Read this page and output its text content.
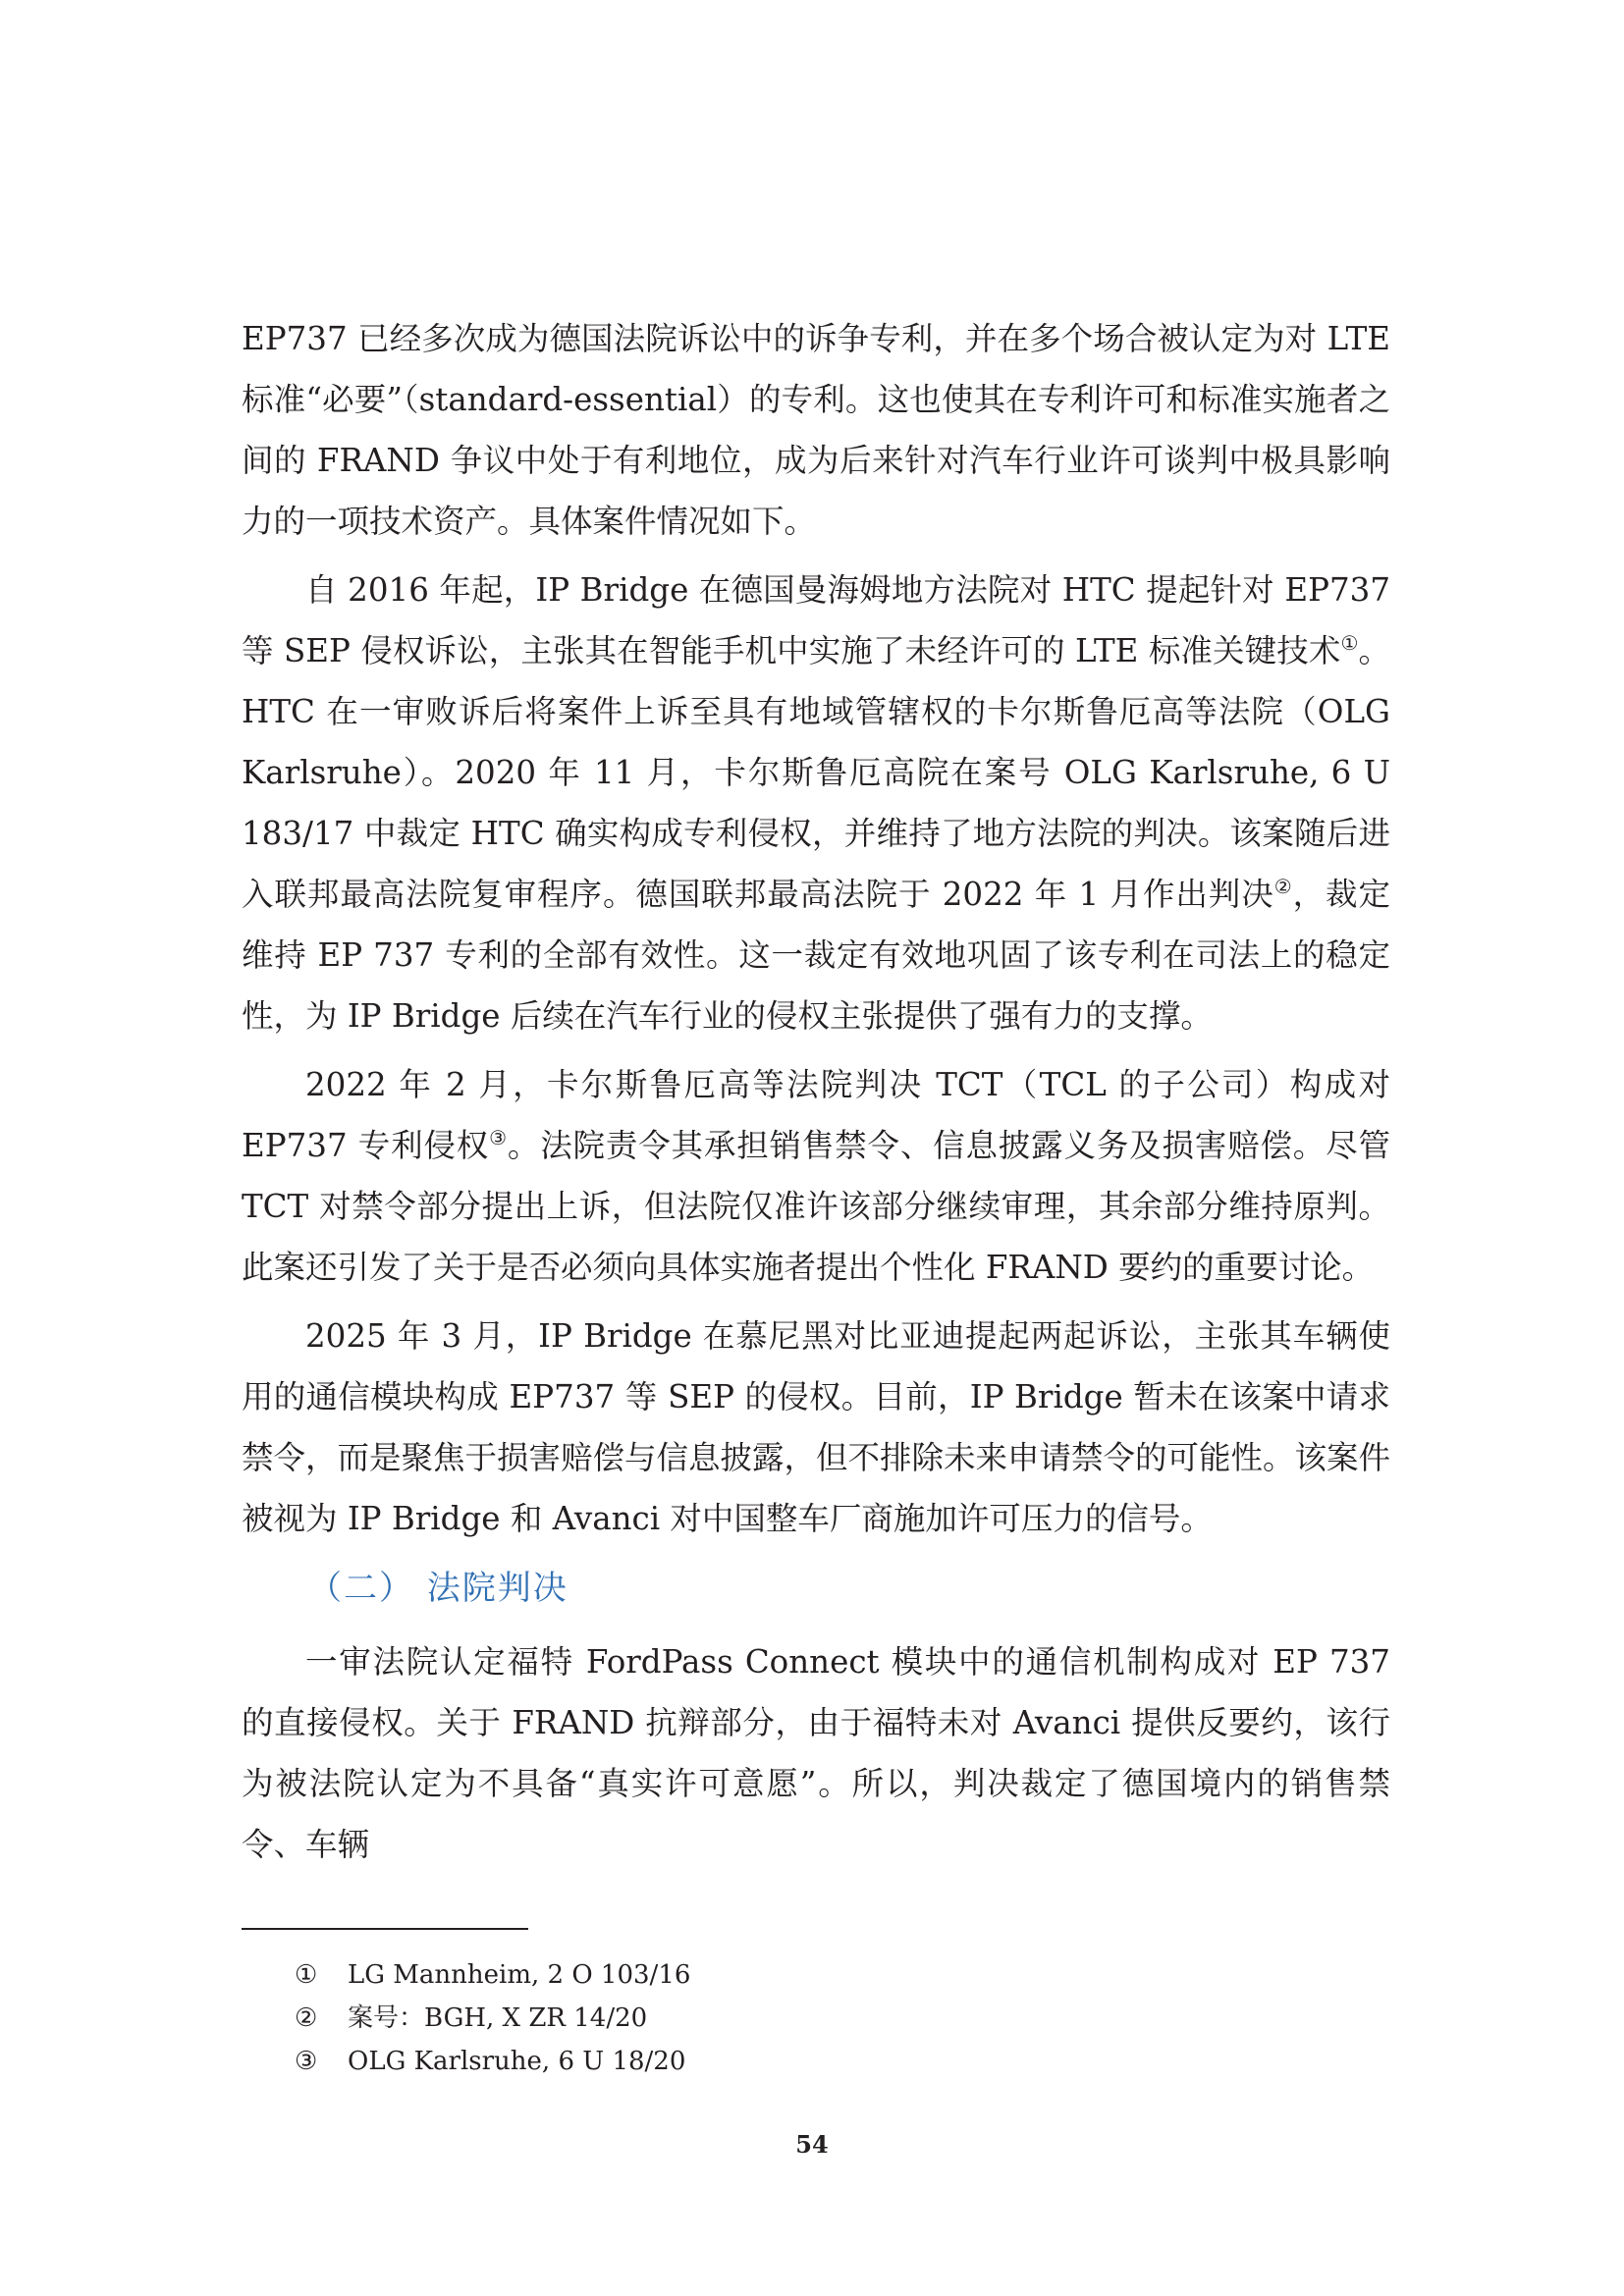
EP737 已经多次成为德国法院诉讼中的诉争专利，并在多个场合被认定为对 LTE 标准“必要”（standard-essential）的专利。这也使其在专利许可和标准实施者之间的 FRAND 争议中处于有利地位，成为后来针对汽车行业许可谈判中极具影响力的一项技术资产。具体案件情况如下。

自 2016 年起，IP Bridge 在德国曼海姆地方法院对 HTC 提起针对 EP737 等 SEP 侵权诉讼，主张其在智能手机中实施了未经许可的 LTE 标准关键技术①。HTC 在一审败诉后将案件上诉至具有地域管辖权的卡尔斯鲁厄高等法院（OLG Karlsruhe）。2020 年 11 月，卡尔斯鲁厄高院在案号 OLG Karlsruhe, 6 U 183/17 中裁定 HTC 确实构成专利侵权，并维持了地方法院的判决。该案随后进入联邦最高法院复审程序。德国联邦最高法院于 2022 年 1 月作出判决②，裁定维持 EP 737 专利的全部有效性。这一裁定有效地巩固了该专利在司法上的稳定性，为 IP Bridge 后续在汽车行业的侵权主张提供了强有力的支撑。

2022 年 2 月，卡尔斯鲁厄高等法院判决 TCT（TCL 的子公司）构成对 EP737 专利侵权③。法院责令其承担销售禁令、信息披露义务及损害赔偿。尽管 TCT 对禁令部分提出上诉，但法院仅准许该部分继续审理，其余部分维持原判。此案还引发了关于是否必须向具体实施者提出个性化 FRAND 要约的重要讨论。

2025 年 3 月，IP Bridge 在慕尼黑对比亚迪提起两起诉讼，主张其车辆使用的通信模块构成 EP737 等 SEP 的侵权。目前，IP Bridge 暂未在该案中请求禁令，而是聚焦于损害赔偿与信息披露，但不排除未来申请禁令的可能性。该案件被视为 IP Bridge 和 Avanci 对中国整车厂商施加许可压力的信号。

（二） 法院判决

一审法院认定福特 FordPass Connect 模块中的通信机制构成对 EP 737 的直接侵权。关于 FRAND 抗辩部分，由于福特未对 Avanci 提供反要约，该行为被法院认定为不具备“真实许可意愿”。所以，判决裁定了德国境内的销售禁令、车辆

①	LG Mannheim, 2 O 103/16

②	案号：BGH, X ZR 14/20

③	OLG Karlsruhe, 6 U 18/20

54
